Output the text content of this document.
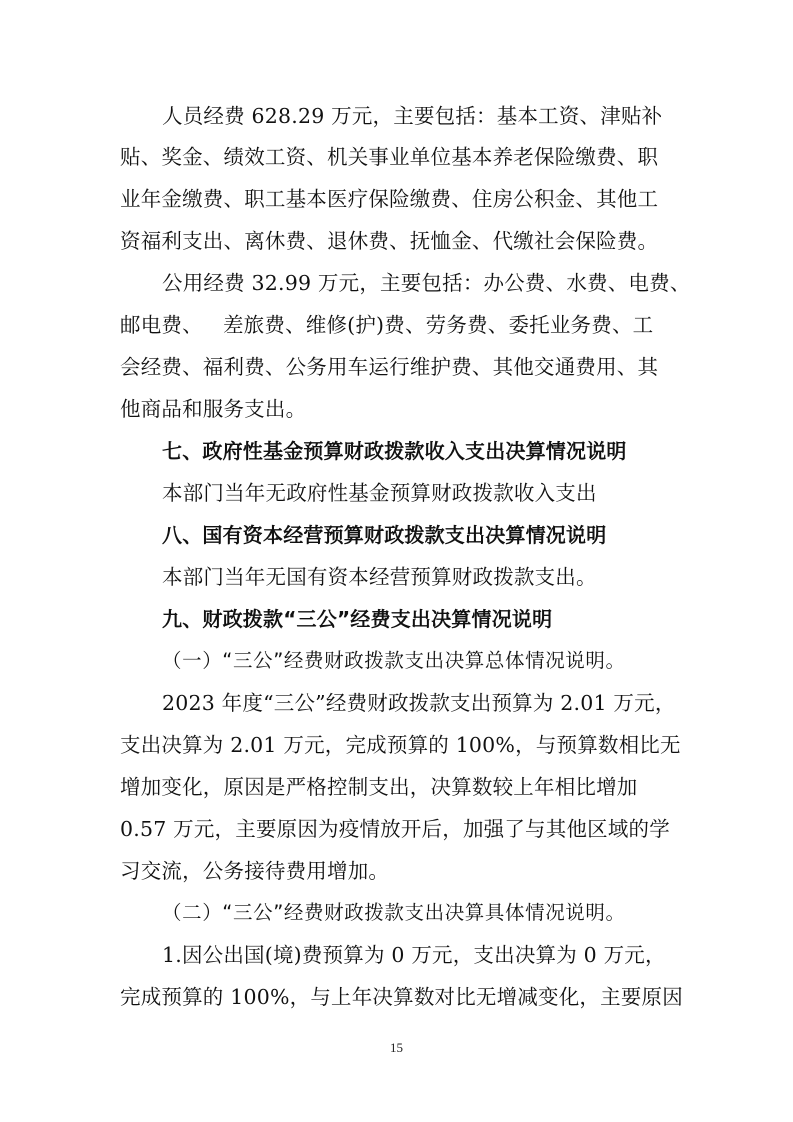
人员经费 628.29 万元，主要包括：基本工资、津贴补
贴、奖金、绩效工资、机关事业单位基本养老保险缴费、职
业年金缴费、职工基本医疗保险缴费、住房公积金、其他工
资福利支出、离休费、退休费、抚恤金、代缴社会保险费。
公用经费 32.99 万元，主要包括：办公费、水费、电费、
邮电费、   差旅费、维修(护)费、劳务费、委托业务费、工
会经费、福利费、公务用车运行维护费、其他交通费用、其
他商品和服务支出。
七、政府性基金预算财政拨款收入支出决算情况说明
本部门当年无政府性基金预算财政拨款收入支出
八、国有资本经营预算财政拨款支出决算情况说明
本部门当年无国有资本经营预算财政拨款支出。
九、财政拨款“三公”经费支出决算情况说明
（一）“三公”经费财政拨款支出决算总体情况说明。
2023 年度“三公”经费财政拨款支出预算为 2.01 万元，
支出决算为 2.01 万元，完成预算的 100%，与预算数相比无
增加变化，原因是严格控制支出，决算数较上年相比增加
0.57 万元，主要原因为疫情放开后，加强了与其他区域的学
习交流，公务接待费用增加。
（二）“三公”经费财政拨款支出决算具体情况说明。
1.因公出国(境)费预算为 0 万元，支出决算为 0 万元，
完成预算的 100%，与上年决算数对比无增减变化，主要原因
15
